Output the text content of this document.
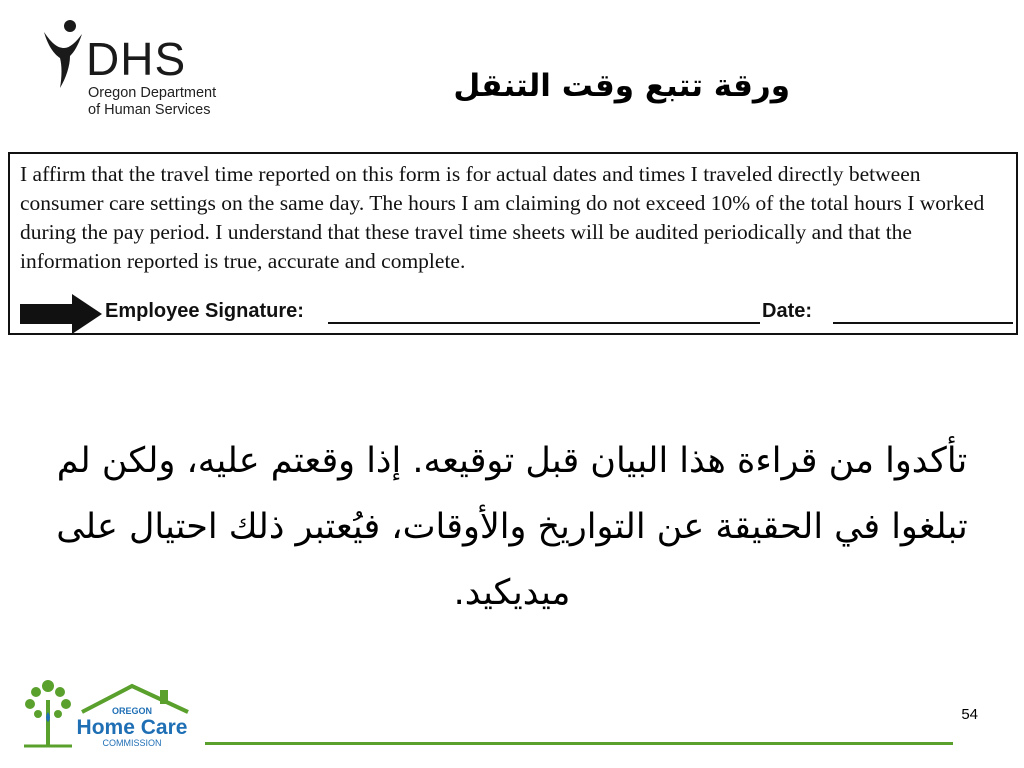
DHS
Oregon Department
of Human Services
ورقة تتبع وقت التنقل
I affirm that the travel time reported on this form is for actual dates and times I traveled directly between consumer care settings on the same day. The hours I am claiming do not exceed 10% of the total hours I worked during the pay period. I understand that these travel time sheets will be audited periodically and that the information reported is true, accurate and complete.
Employee Signature:	Date:
تأكدوا من قراءة هذا البيان قبل توقيعه. إذا وقعتم عليه، ولكن لم تبلغوا في الحقيقة عن التواريخ والأوقات، فيُعتبر ذلك احتيال على ميديكيد.
OREGON
Home Care
COMMISSION
54
